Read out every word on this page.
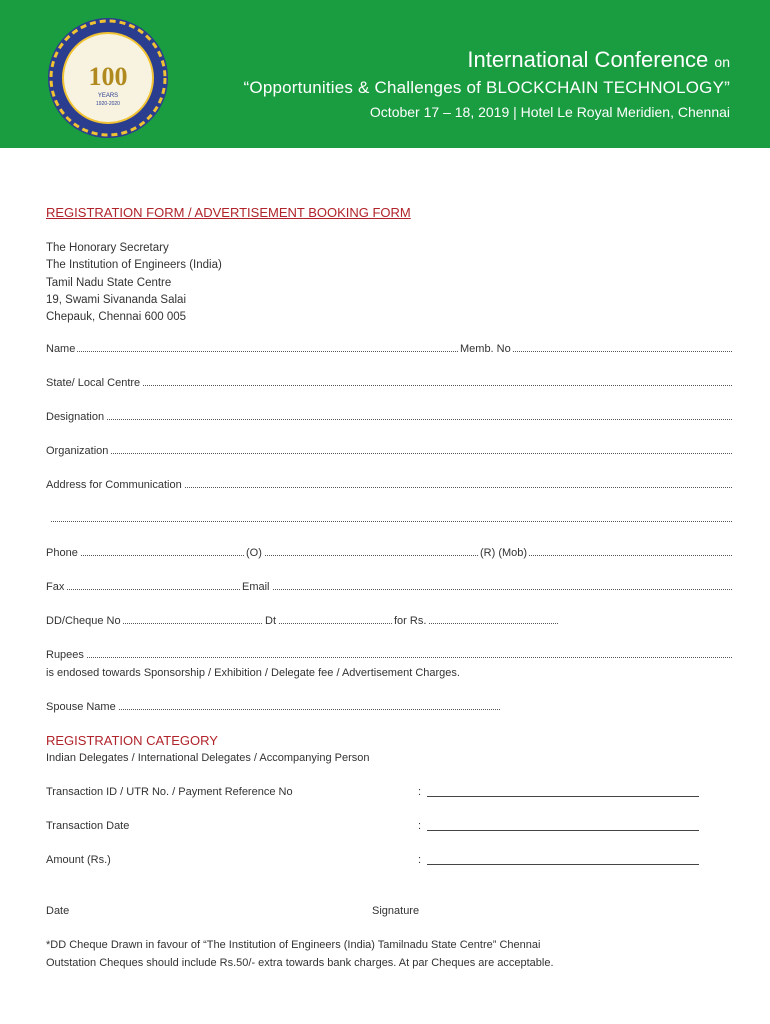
100
YEARS
1920-2020
International Conference on
“Opportunities & Challenges of BLOCKCHAIN TECHNOLOGY”
October 17 – 18, 2019 | Hotel Le Royal Meridien, Chennai
REGISTRATION FORM / ADVERTISEMENT BOOKING FORM
The Honorary Secretary
The Institution of Engineers (India)
Tamil Nadu State Centre
19, Swami Sivananda Salai
Chepauk, Chennai 600 005
Name	Memb. No
State/ Local Centre
Designation
Organization
Address for Communication

Phone	(O)	(R) (Mob)
Fax	Email
DD/Cheque No	Dt	for Rs.
Rupees
is endosed towards Sponsorship / Exhibition / Delegate fee / Advertisement Charges.
Spouse Name
REGISTRATION CATEGORY
Indian Delegates / International Delegates / Accompanying Person
Transaction ID / UTR No. / Payment Reference No	:
Transaction Date	:
Amount (Rs.)	:
Date	Signature
*DD Cheque Drawn in favour of “The Institution of Engineers (India) Tamilnadu State Centre” Chennai
Outstation Cheques should include Rs.50/- extra towards bank charges. At par Cheques are acceptable.
